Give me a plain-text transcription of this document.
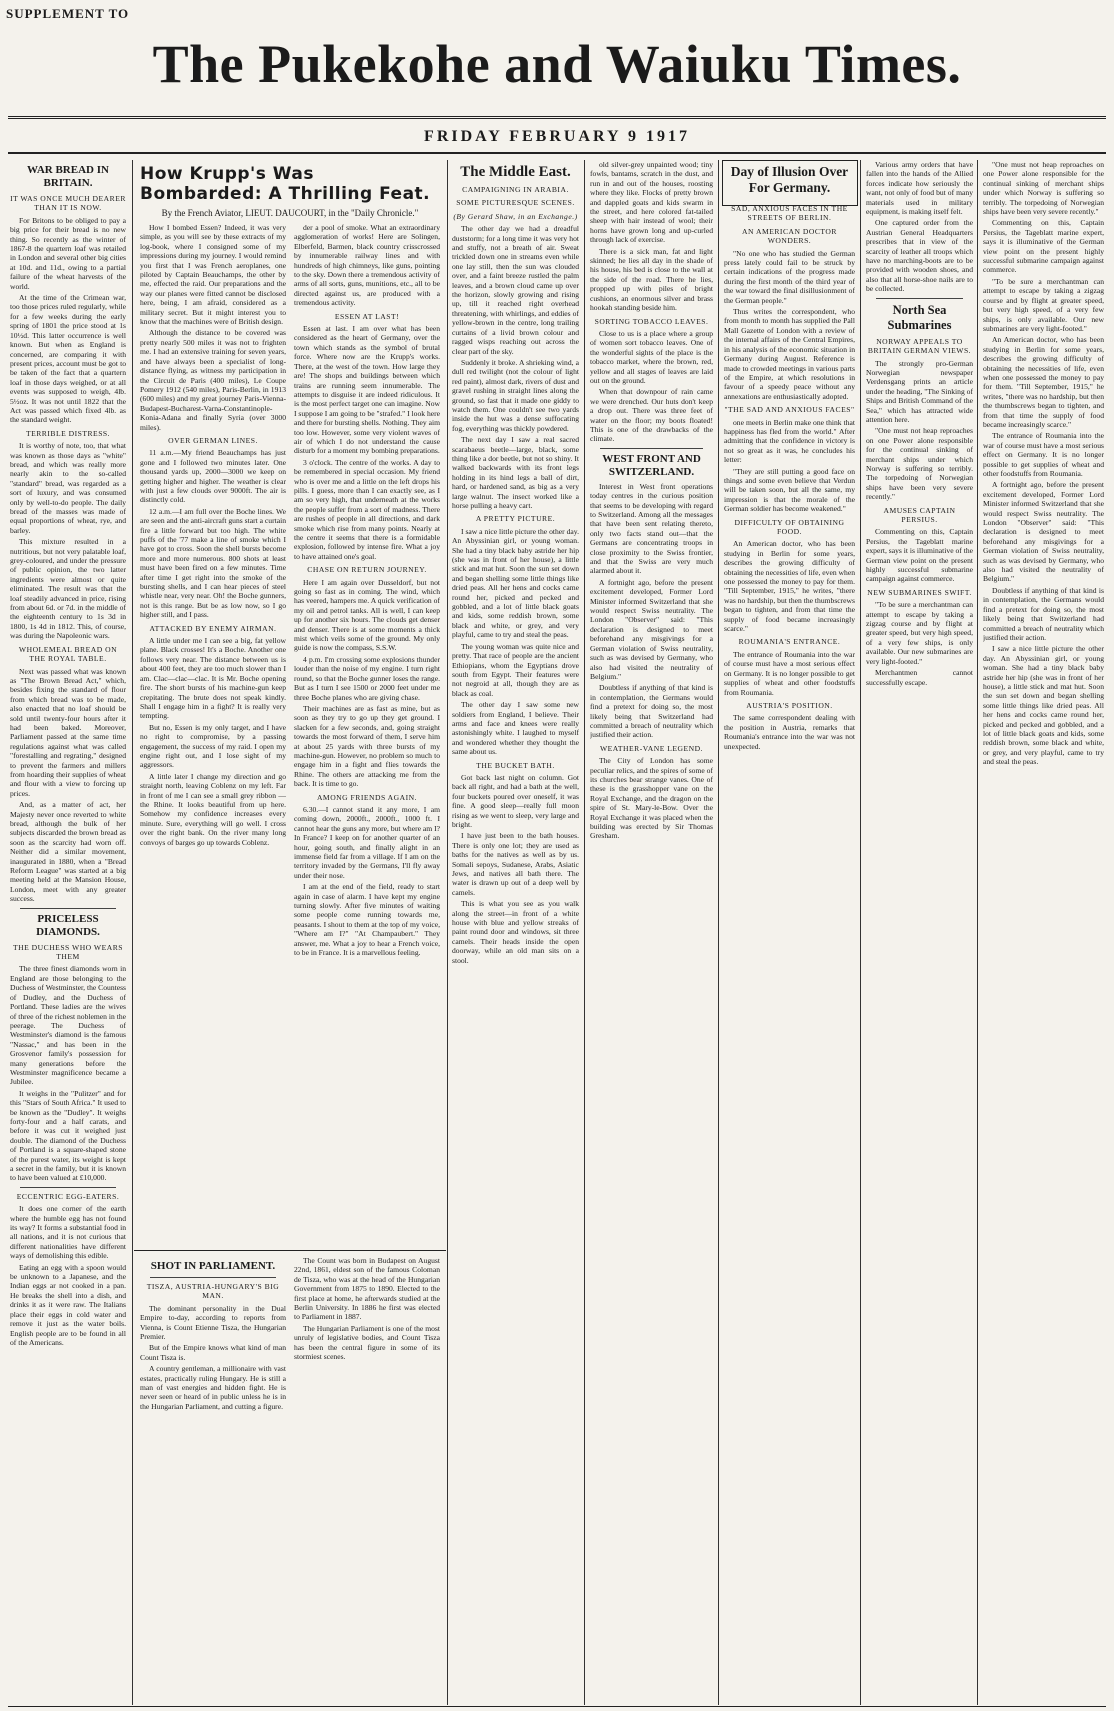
SUPPLEMENT TO
The Pukekohe and Waiuku Times.
FRIDAY FEBRUARY 9 1917
WAR BREAD IN BRITAIN.
IT WAS ONCE MUCH DEARER THAN IT IS NOW.

For Britons to be obliged to pay a big price for their bread is no new thing. So recently as the winter of 1867-8 the quartern loaf was retailed in London and several other big cities at 10d. and 11d., owing to a partial failure of the wheat harvests of the world.

At the time of the Crimean war, too those prices ruled regularly, while for a few weeks during the early spring of 1801 the price stood at 1s 10½d. This latter occurrence is well known. But when as England is concerned, are comparing it with present prices, account must be got to be taken of the fact that a quartern loaf in those days weighed, or at all events was supposed to weigh, 4lb. 5½oz. It was not until 1822 that the Act was passed which fixed 4lb. as the standard weight.

TERRIBLE DISTRESS.

It is worthy of note, too, that what was known as those days as "white" bread, and which was really more nearly akin to the so-called "standard" bread, was regarded as a sort of luxury, and was consumed only by well-to-do people. The daily bread of the masses was made of equal proportions of wheat, rye, and barley.

This mixture resulted in a nutritious, but not very palatable loaf, grey-coloured, and under the pressure of public opinion, the two latter ingredients were almost or quite eliminated. The result was that the loaf steadily advanced in price, rising from about 6d. or 7d. in the middle of the eighteenth century to 1s 3d in 1800, 1s 4d in 1812. This, of course, was during the Napoleonic wars.

WHOLEMEAL BREAD ON THE ROYAL TABLE.

Next was passed what was known as "The Brown Bread Act," which, besides fixing the standard of flour from which bread was to be made, also enacted that no loaf should be sold until twenty-four hours after it had been baked. Moreover, Parliament passed at the same time regulations against what was called "forestalling and regrating," designed to prevent the farmers and millers from hoarding their supplies of wheat and flour with a view to forcing up prices.

And, as a matter of act, her Majesty never once reverted to white bread, although the bulk of her subjects discarded the brown bread as soon as the scarcity had worn off. Neither did a similar movement, inaugurated in 1880, when a "Bread Reform League" was started at a big meeting held at the Mansion House, London, meet with any greater success.

PRICELESS DIAMONDS.
THE DUCHESS WHO WEARS THEM

The three finest diamonds worn in England are those belonging to the Duchess of Westminster, the Countess of Dudley, and the Duchess of Portland. These ladies are the wives of three of the richest noblemen in the peerage. The Duchess of Westminster's diamond is the famous "Nassac," and has been in the Grosvenor family's possession for many generations before the Westminster magnificence became a Jubilee.

It weighs in the "Pulitzer" and for this "Stars of South Africa." It used to be known as the "Dudley". It weighs forty-four and a half carats, and before it was cut it weighed just double. The diamond of the Duchess of Portland is a square-shaped stone of the purest water, its weight is kept a secret in the family, but it is known to have been valued at £10,000.

ECCENTRIC EGG-EATERS.

It does one corner of the earth where the humble egg has not found its way? It forms a substantial food in all nations, and it is not curious that different nationalities have different ways of demolishing this edible.

Eating an egg with a spoon would be unknown to a Japanese, and the Indian eggs ar not cooked in a pan. He breaks the shell into a dish, and drinks it as it were raw. The Italians place their eggs in cold water and remove it just as the water boils. English people are to be found in all of the Americans.

How Krupp's Was Bombarded: A Thrilling Feat.
By the French Aviator, LIEUT. DAUCOURT, in the "Daily Chronicle."

How I bombed Essen? Indeed, it was very simple, as you will see by these extracts of my log-book, where I consigned some of my impressions during my journey. I would remind you first that I was French aeroplanes, one piloted by Captain Beauchamps, the other by me, effected the raid. Our preparations and the way our planes were fitted cannot be disclosed here, being, I am afraid, considered as a military secret. But it might interest you to know that the machines were of British design.

Although the distance to be covered was pretty nearly 500 miles it was not to frighten me. I had an extensive training for seven years, and have always been a specialist of long-distance flying, as witness my participation in the Circuit de Paris (400 miles), Le Coupe Pomery 1912 (540 miles), Paris-Berlin, in 1913 (600 miles) and my great journey Paris-Vienna-Budapest-Bucharest-Varna-Constantinople-Konia-Adana and finally Syria (over 3000 miles).

OVER GERMAN LINES.

11 a.m.—My friend Beauchamps has just gone and I followed two minutes later. One thousand yards up, 2000—3000 we keep on getting higher and higher. The weather is clear with just a few clouds over 9000ft. The air is distinctly cold.

12 a.m.—I am full over the Boche lines. We are seen and the anti-aircraft guns start a curtain fire a little forward but too high. The white puffs of the '77 make a line of smoke which I have got to cross. Soon the shell bursts become more and more numerous. 800 shots at least must have been fired on a few minutes. Time after time I get right into the smoke of the bursting shells, and I can hear pieces of steel whistle near, very near. Oh! the Boche gunners, not is this range. But be as low now, so I go higher still, and I pass.

ATTACKED BY ENEMY AIRMAN.

A little under me I can see a big, fat yellow plane. Black crosses! It's a Boche. Another one follows very near. The distance between us is about 400 feet, they are too much slower than I am. Clac—clac—clac. It is Mr. Boche opening fire. The short bursts of his machine-gun keep crepitating. The brute does not speak kindly. Shall I engage him in a fight? It is really very tempting.

But no, Essen is my only target, and I have no right to compromise, by a passing engagement, the success of my raid. I open my engine right out, and I lose sight of my aggressors.

A little later I change my direction and go straight north, leaving Coblenz on my left. Far in front of me I can see a small grey ribbon — the Rhine. It looks beautiful from up here. Somehow my confidence increases every minute. Sure, everything will go well. I cross over the right bank. On the river many long convoys of barges go up towards Coblenz.

der a pool of smoke. What an extraordinary agglomeration of works! Here are Solingen, Elberfeld, Barmen, black country crisscrossed by innumerable railway lines and with hundreds of high chimneys, like guns, pointing to the sky. Down there a tremendous activity of arms of all sorts, guns, munitions, etc., all to be directed against us, are produced with a tremendous activity.

ESSEN AT LAST!

Essen at last. I am over what has been considered as the heart of Germany, over the town which stands as the symbol of brutal force. Where now are the Krupp's works. There, at the west of the town. How large they are! The shops and buildings between which trains are running seem innumerable. The attempts to disguise it are indeed ridiculous. It is the most perfect target one can imagine. Now I suppose I am going to be "strafed." I look here and there for bursting shells. Nothing. They aim too low. However, some very violent waves of air of which I do not understand the cause disturb for a moment my bombing preparations.

3 o'clock. The centre of the works. A day to be remembered in special occasion. My friend who is over me and a little on the left drops his pills. I guess, more than I can exactly see, as I am so very high, that underneath at the works the people suffer from a sort of madness. There are rushes of people in all directions, and dark smoke which rise from many points. Nearly at the centre it seems that there is a formidable explosion, followed by intense fire. What a joy to have attained one's goal.

CHASE ON RETURN JOURNEY.

Here I am again over Dusseldorf, but not going so fast as in coming. The wind, which has veered, hampers me. A quick verification of my oil and petrol tanks. All is well, I can keep up for another six hours. The clouds get denser and denser. There is at some moments a thick mist which veils some of the ground. My only guide is now the compass, S.S.W.

4 p.m. I'm crossing some explosions thunder louder than the noise of my engine. I turn right round, so that the Boche gunner loses the range. But as I turn I see 1500 or 2000 feet under me three Boche planes who are giving chase.

Their machines are as fast as mine, but as soon as they try to go up they get ground. I slacken for a few seconds, and, going straight towards the most forward of them, I serve him at about 25 yards with three bursts of my machine-gun. However, no problem so much to engage him in a fight and flies towards the Rhine. The others are attacking me from the back. It is time to go.

AMONG FRIENDS AGAIN.

6.30.—I cannot stand it any more, I am coming down, 2000ft., 2000ft., 1000 ft. I cannot hear the guns any more, but where am I? In France? I keep on for another quarter of an hour, going south, and finally alight in an immense field far from a village. If I am on the territory invaded by the Germans, I'll fly away under their nose.

I am at the end of the field, ready to start again in case of alarm. I have kept my engine turning slowly. After five minutes of waiting some people come running towards me, peasants. I shout to them at the top of my voice, "Where am I?" "At Champaubert." They answer, me. What a joy to hear a French voice, to be in France. It is a marvellous feeling.

SHOT IN PARLIAMENT.
TISZA, AUSTRIA-HUNGARY'S BIG MAN.

The dominant personality in the Dual Empire to-day, according to reports from Vienna, is Count Etienne Tisza, the Hungarian Premier.

But of the Empire knows what kind of man Count Tisza is.

A country gentleman, a millionaire with vast estates, practically ruling Hungary. He is still a man of vast energies and hidden fight. He is never seen or heard of in public unless he is in the Hungarian Parliament, and cutting a figure.

The Count was born in Budapest on August 22nd, 1861, eldest son of the famous Coloman de Tisza, who was at the head of the Hungarian Government from 1875 to 1890. Elected to the first place at home, he afterwards studied at the Berlin University. In 1886 he first was elected to Parliament in 1887.

The Hungarian Parliament is one of the most unruly of legislative bodies, and Count Tisza has been the central figure in some of its stormiest scenes.

The Middle East.
CAMPAIGNING IN ARABIA.
SOME PICTURESQUE SCENES.
(By Gerard Shaw, in an Exchange.)

The other day we had a dreadful duststorm; for a long time it was very hot and stuffy, not a breath of air. Sweat trickled down one in streams even while one lay still, then the sun was clouded over, and a faint breeze rustled the palm leaves, and a brown cloud came up over the horizon, slowly growing and rising up, till it reached right overhead threatening, with whirlings, and eddies of yellow-brown in the centre, long trailing curtains of a livid brown colour and ragged wisps reaching out across the clear part of the sky.

Suddenly it broke. A shrieking wind, a dull red twilight (not the colour of light red paint), almost dark, rivers of dust and gravel rushing in straight lines along the ground, so fast that it made one giddy to watch them. One couldn't see two yards inside the hut was a dense suffocating fog, everything was thickly powdered.

The next day I saw a real sacred scarabaeus beetle—large, black, some thing like a dor beetle, but not so shiny. It walked backwards with its front legs holding in its hind legs a ball of dirt, hard, or hardened sand, as big as a very large walnut. The insect worked like a horse pulling a heavy cart.

A PRETTY PICTURE.

I saw a nice little picture the other day. An Abyssinian girl, or young woman. She had a tiny black baby astride her hip (she was in front of her house), a little stick and mat hut. Soon the sun set down and began shelling some little things like dried peas. All her hens and cocks came round her, picked and pecked and gobbled, and a lot of little black goats and kids, some reddish brown, some black and white, or grey, and very playful, came to try and steal the peas.

The young woman was quite nice and pretty. That race of people are the ancient Ethiopians, whom the Egyptians drove south from Egypt. Their features were not negroid at all, though they are as black as coal.

The other day I saw some new soldiers from England, I believe. Their arms and face and knees were really astonishingly white. I laughed to myself and wondered whether they thought the same about us.

THE BUCKET BATH.

Got back last night on column. Got back all right, and had a bath at the well, four buckets poured over oneself, it was fine. A good sleep—really full moon rising as we went to sleep, very large and bright.

I have just been to the bath houses. There is only one lot; they are used as baths for the natives as well as by us. Somali sepoys, Sudanese, Arabs, Asiatic Jews, and natives all bath there. The water is drawn up out of a deep well by camels.

This is what you see as you walk along the street—in front of a white house with blue and yellow streaks of paint round door and windows, sit three camels. Their heads inside the open doorway, while an old man sits on a stool.

old silver-grey unpainted wood; tiny fowls, bantams, scratch in the dust, and run in and out of the houses, roosting where they like. Flocks of pretty brown and dappled goats and kids swarm in the street, and here colored fat-tailed sheep with hair instead of wool; their horns have grown long and up-curled through lack of exercise.

There is a sick man, fat and light skinned; he lies all day in the shade of his house, his bed is close to the wall at the side of the road. There he lies, propped up with piles of bright cushions, an enormous silver and brass hookah standing beside him.

SORTING TOBACCO LEAVES.

Close to us is a place where a group of women sort tobacco leaves. One of the wonderful sights of the place is the tobacco market, where the brown, red, yellow and all stages of leaves are laid out on the ground.

When that downpour of rain came we were drenched. Our huts don't keep a drop out. There was three feet of water on the floor; my boots floated! This is one of the drawbacks of the climate.

WEST FRONT AND SWITZERLAND.

Interest in West front operations today centres in the curious position that seems to be developing with regard to Switzerland. Among all the messages that have been sent relating thereto, only two facts stand out—that the Germans are concentrating troops in close proximity to the Swiss frontier, and that the Swiss are very much alarmed about it.

A fortnight ago, before the present excitement developed, Former Lord Minister informed Switzerland that she would respect Swiss neutrality. The London "Observer" said: "This declaration is designed to meet beforehand any misgivings for a German violation of Swiss neutrality, such as was devised by Germany, who also had visited the neutrality of Belgium."

Doubtless if anything of that kind is in contemplation, the Germans would find a pretext for doing so, the most likely being that Switzerland had committed a breach of neutrality which justified their action.

WEATHER-VANE LEGEND.

The City of London has some peculiar relics, and the spires of some of its churches bear strange vanes. One of these is the grasshopper vane on the Royal Exchange, and the dragon on the spire of St. Mary-le-Bow. Over the Royal Exchange it was placed when the building was erected by Sir Thomas Gresham.

Day of Illusion Over For Germany.
SAD, ANXIOUS FACES IN THE STREETS OF BERLIN.
AN AMERICAN DOCTOR WONDERS.

"No one who has studied the German press lately could fail to be struck by certain indications of the progress made during the first month of the third year of the war toward the final disillusionment of the German people."

Thus writes the correspondent, who from month to month has supplied the Pall Mall Gazette of London with a review of the internal affairs of the Central Empires, in his analysis of the economic situation in Germany during August. Reference is made to crowded meetings in various parts of the Empire, at which resolutions in favour of a speedy peace without any annexations are enthusiastically adopted.

"THE SAD AND ANXIOUS FACES"

one meets in Berlin make one think that happiness has fled from the world." After admitting that the confidence in victory is not so great as it was, he concludes his letter:

"They are still putting a good face on things and some even believe that Verdun will be taken soon, but all the same, my impression is that the morale of the German soldier has become weakened."

DIFFICULTY OF OBTAINING FOOD.

An American doctor, who has been studying in Berlin for some years, describes the growing difficulty of obtaining the necessities of life, even when one possessed the money to pay for them. "Till September, 1915," he writes, "there was no hardship, but then the thumbscrews began to tighten, and from that time the supply of food became increasingly scarce."

ROUMANIA'S ENTRANCE.

The entrance of Roumania into the war of course must have a most serious effect on Germany. It is no longer possible to get supplies of wheat and other foodstuffs from Roumania.

AUSTRIA'S POSITION.

The same correspondent dealing with the position in Austria, remarks that Roumania's entrance into the war was not unexpected.

Various army orders that have fallen into the hands of the Allied forces indicate how seriously the want, not only of food but of many materials used in military equipment, is making itself felt.

One captured order from the Austrian General Headquarters prescribes that in view of the scarcity of leather all troops which have no marching-boots are to be provided with wooden shoes, and also that all horse-shoe nails are to be collected.

North Sea Submarines
NORWAY APPEALS TO BRITAIN GERMAN VIEWS.

The strongly pro-German Norwegian newspaper Verdensgang prints an article under the heading, "The Sinking of Ships and British Command of the Sea," which has attracted wide attention here.

"One must not heap reproaches on one Power alone responsible for the continual sinking of merchant ships under which Norway is suffering so terribly. The torpedoing of Norwegian ships have been very severe recently."

AMUSES CAPTAIN PERSIUS.

Commenting on this, Captain Persius, the Tageblatt marine expert, says it is illuminative of the German view point on the present highly successful submarine campaign against commerce.

NEW SUBMARINES SWIFT.

"To be sure a merchantman can attempt to escape by taking a zigzag course and by flight at greater speed, but very high speed, of a very few ships, is only available. Our new submarines are very light-footed."

Merchantmen cannot successfully escape.

"One must not heap reproaches on one Power alone responsible for the continual sinking of merchant ships under which Norway is suffering so terribly. The torpedoing of Norwegian ships have been very severe recently."

Commenting on this, Captain Persius, the Tageblatt marine expert, says it is illuminative of the German view point on the present highly successful submarine campaign against commerce.

"To be sure a merchantman can attempt to escape by taking a zigzag course and by flight at greater speed, but very high speed, of a very few ships, is only available. Our new submarines are very light-footed."

An American doctor, who has been studying in Berlin for some years, describes the growing difficulty of obtaining the necessities of life, even when one possessed the money to pay for them. "Till September, 1915," he writes, "there was no hardship, but then the thumbscrews began to tighten, and from that time the supply of food became increasingly scarce."

The entrance of Roumania into the war of course must have a most serious effect on Germany. It is no longer possible to get supplies of wheat and other foodstuffs from Roumania.

A fortnight ago, before the present excitement developed, Former Lord Minister informed Switzerland that she would respect Swiss neutrality. The London "Observer" said: "This declaration is designed to meet beforehand any misgivings for a German violation of Swiss neutrality, such as was devised by Germany, who also had visited the neutrality of Belgium."

Doubtless if anything of that kind is in contemplation, the Germans would find a pretext for doing so, the most likely being that Switzerland had committed a breach of neutrality which justified their action.

I saw a nice little picture the other day. An Abyssinian girl, or young woman. She had a tiny black baby astride her hip (she was in front of her house), a little stick and mat hut. Soon the sun set down and began shelling some little things like dried peas. All her hens and cocks came round her, picked and pecked and gobbled, and a lot of little black goats and kids, some reddish brown, some black and white, or grey, and very playful, came to try and steal the peas.
